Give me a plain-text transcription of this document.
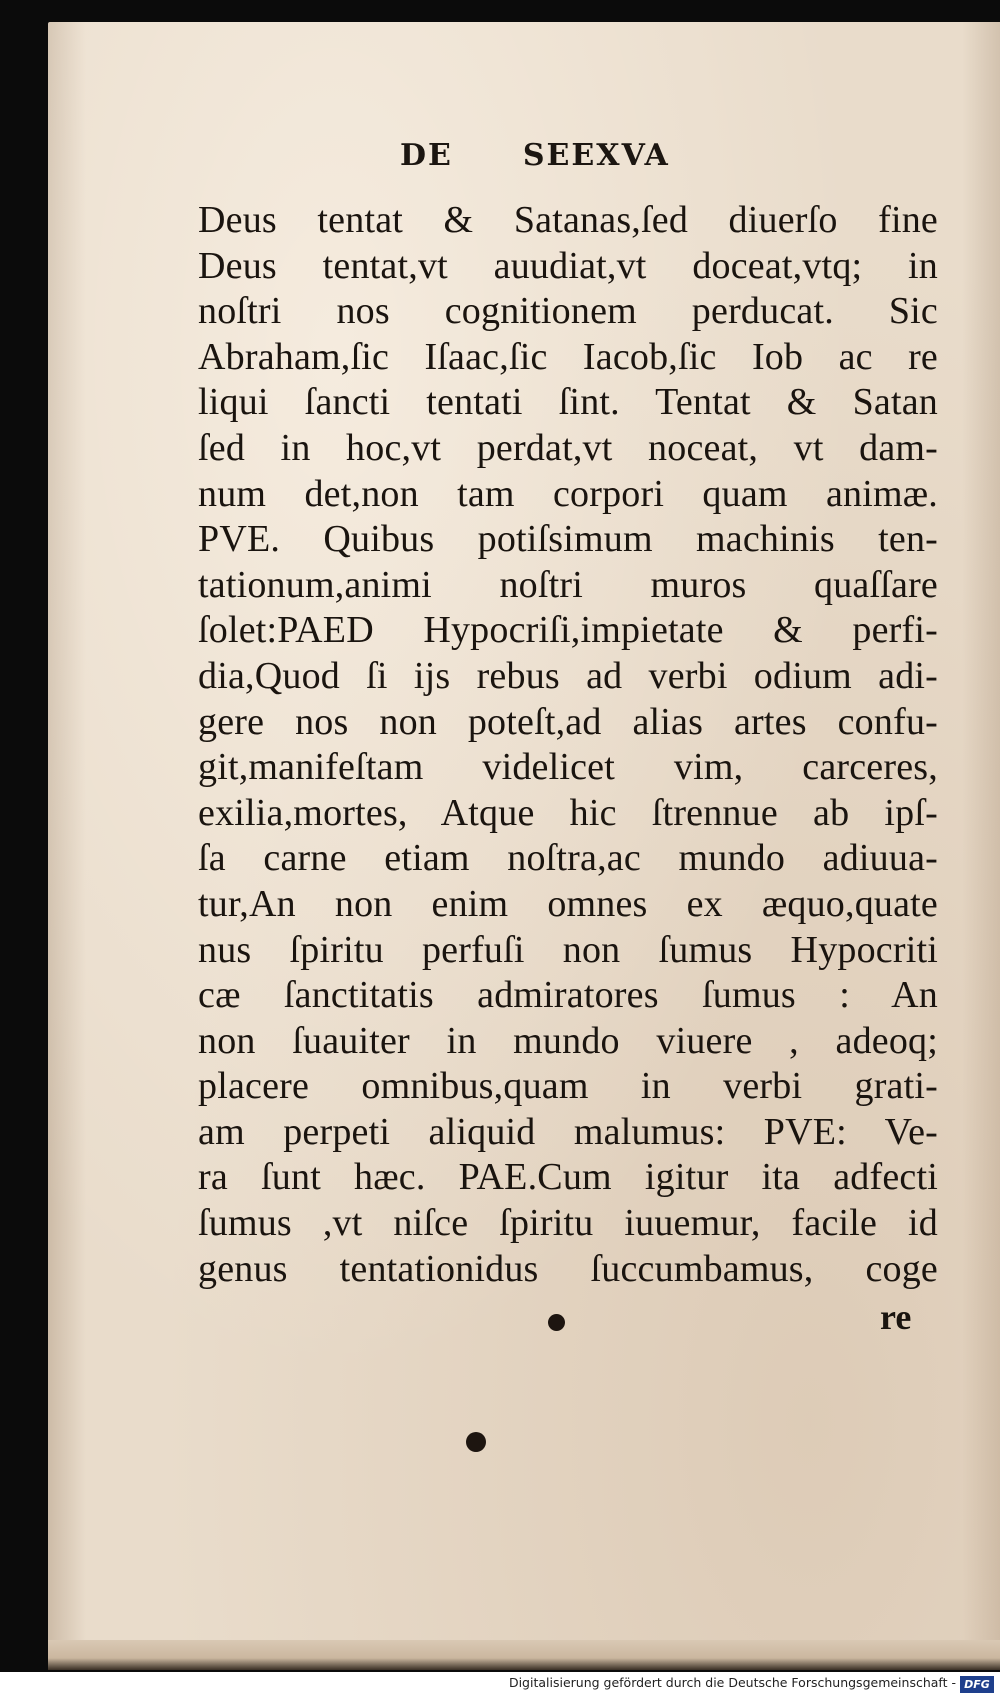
DE SEEXVA
Deus tentat & Satanas,ſed diuerſo fine
Deus tentat,vt auudiat,vt doceat,vtq; in
noſtri nos cognitionem perducat. Sic
Abraham,ſic Iſaac,ſic Iacob,ſic Iob ac re
liqui ſancti tentati ſint. Tentat & Satan
ſed in hoc,vt perdat,vt noceat, vt dam-
num det,non tam corpori quam animæ.
PVE. Quibus potiſsimum machinis ten-
tationum,animi noſtri muros quaſſare
ſolet:PAED Hypocriſi,impietate & perfi-
dia,Quod ſi ijs rebus ad verbi odium adi-
gere nos non poteſt,ad alias artes confu-
git,manifeſtam videlicet vim, carceres,
exilia,mortes, Atque hic ſtrennue ab ipſ-
ſa carne etiam noſtra,ac mundo adiuua-
tur,An non enim omnes ex æquo,quate
nus ſpiritu perfuſi non ſumus Hypocriti
cæ ſanctitatis admiratores ſumus : An
non ſuauiter in mundo viuere , adeoq;
placere omnibus,quam in verbi grati-
am perpeti aliquid malumus: PVE: Ve-
ra ſunt hæc. PAE.Cum igitur ita adfecti
ſumus ,vt niſce ſpiritu iuuemur, facile id
genus tentationidus ſuccumbamus, coge
re
Digitalisierung gefördert durch die Deutsche Forschungsgemeinschaft - DFG
